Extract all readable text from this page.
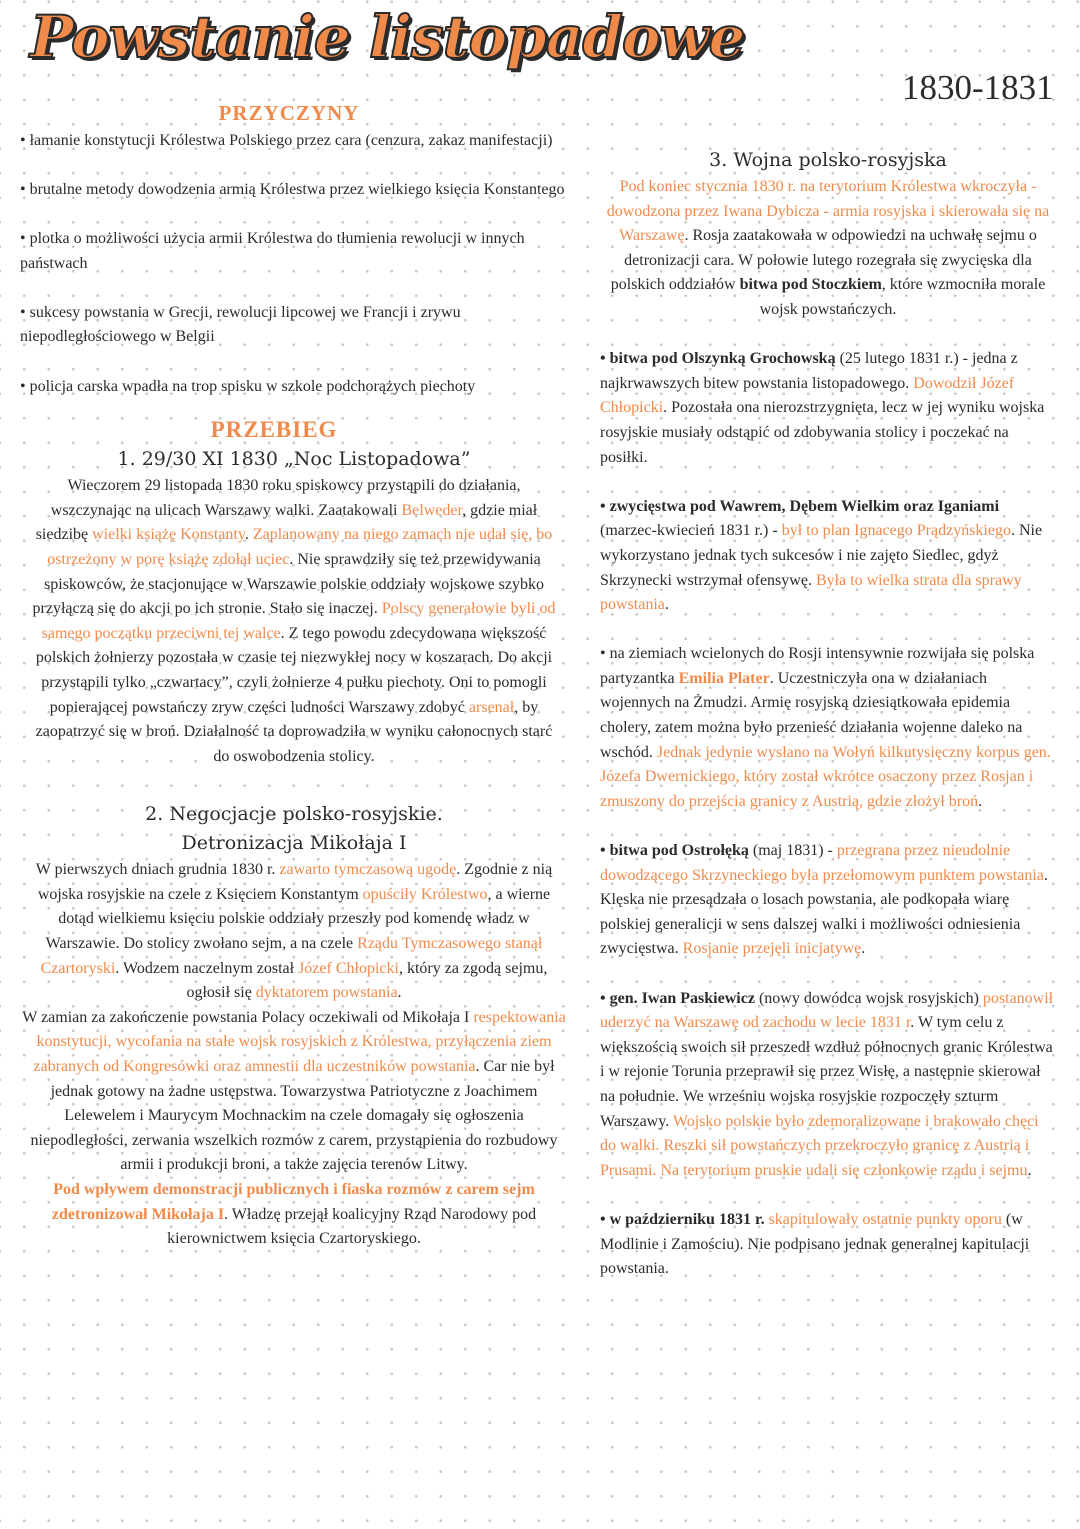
Powstanie listopadowe
1830-1831
PRZYCZYNY

• łamanie konstytucji Królestwa Polskiego przez cara (cenzura, zakaz manifestacji)

• brutalne metody dowodzenia armią Królestwa przez wielkiego księcia Konstantego

• plotka o możliwości użycia armii Królestwa do tłumienia rewolucji w innych państwach

• sukcesy powstania w Grecji, rewolucji lipcowej we Francji i zrywu niepodległościowego w Belgii

• policja carska wpadła na trop spisku w szkole podchorążych piechoty

PRZEBIEG

1. 29/30 XI 1830 „Noc Listopadowa”

Wieczorem 29 listopada 1830 roku spiskowcy przystąpili do działania, wszczynając na ulicach Warszawy walki. Zaatakowali Belweder, gdzie miał siedzibę wielki książę Konstanty. Zaplanowany na niego zamach nie udał się, bo ostrzeżony w porę książę zdołał uciec. Nie sprawdziły się też przewidywania spiskowców, że stacjonujące w Warszawie polskie oddziały wojskowe szybko przyłączą się do akcji po ich stronie. Stało się inaczej. Polscy generałowie byli od samego początku przeciwni tej walce. Z tego powodu zdecydowana większość polskich żołnierzy pozostała w czasie tej niezwykłej nocy w koszarach. Do akcji przystąpili tylko „czwartacy”, czyli żołnierze 4 pułku piechoty. Oni to pomogli popierającej powstańczy zryw części ludności Warszawy zdobyć arsenał, by zaopatrzyć się w broń. Działalność ta doprowadziła w wyniku całonocnych starć do oswobodzenia stolicy.

2. Negocjacje polsko-rosyjskie. Detronizacja Mikołaja I

W pierwszych dniach grudnia 1830 r. zawarto tymczasową ugodę. Zgodnie z nią wojska rosyjskie na czele z Księciem Konstantym opuściły Królestwo, a wierne dotąd wielkiemu księciu polskie oddziały przeszły pod komendę władz w Warszawie. Do stolicy zwołano sejm, a na czele Rządu Tymczasowego stanął Czartoryski. Wodzem naczelnym został Józef Chłopicki, który za zgodą sejmu, ogłosił się dyktatorem powstania.

W zamian za zakończenie powstania Polacy oczekiwali od Mikołaja I respektowania konstytucji, wycofania na stałe wojsk rosyjskich z Królestwa, przyłączenia ziem zabranych od Kongresówki oraz amnestii dla uczestników powstania. Car nie był jednak gotowy na żadne ustępstwa. Towarzystwa Patriotyczne z Joachimem Lelewelem i Maurycym Mochnackim na czele domagały się ogłoszenia niepodległości, zerwania wszelkich rozmów z carem, przystąpienia do rozbudowy armii i produkcji broni, a także zajęcia terenów Litwy.

Pod wpływem demonstracji publicznych i fiaska rozmów z carem sejm zdetronizował Mikołaja I. Władzę przejął koalicyjny Rząd Narodowy pod kierownictwem księcia Czartoryskiego.

3. Wojna polsko-rosyjska

Pod koniec stycznia 1830 r. na terytorium Królestwa wkroczyła - dowodzona przez Iwana Dybicza - armia rosyjska i skierowała się na Warszawę. Rosja zaatakowała w odpowiedzi na uchwałę sejmu o detronizacji cara. W połowie lutego rozegrała się zwycięska dla polskich oddziałów bitwa pod Stoczkiem, które wzmocniła morale wojsk powstańczych.

• bitwa pod Olszynką Grochowską (25 lutego 1831 r.) - jedna z najkrwawszych bitew powstania listopadowego. Dowodził Józef Chłopicki. Pozostała ona nierozstrzygnięta, lecz w jej wyniku wojska rosyjskie musiały odstąpić od zdobywania stolicy i poczekać na posiłki.

• zwycięstwa pod Wawrem, Dębem Wielkim oraz Iganiami (marzec-kwiecień 1831 r.) - był to plan Ignacego Prądzyńskiego. Nie wykorzystano jednak tych sukcesów i nie zajęto Siedlec, gdyż Skrzynecki wstrzymał ofensywę. Była to wielka strata dla sprawy powstania.

• na ziemiach wcielonych do Rosji intensywnie rozwijała się polska partyzantka Emilia Plater. Uczestniczyła ona w działaniach wojennych na Żmudzi. Armię rosyjską dziesiątkowała epidemia cholery, zatem można było przenieść działania wojenne daleko na wschód. Jednak jedynie wysłano na Wołyń kilkutysięczny korpus gen. Józefa Dwernickiego, który został wkrótce osaczony przez Rosjan i zmuszony do przejścia granicy z Austrią, gdzie złożył broń.

• bitwa pod Ostrołęką (maj 1831) - przegrana przez nieudolnie dowodzącego Skrzyneckiego była przełomowym punktem powstania. Klęska nie przesądzała o losach powstania, ale podkopała wiarę polskiej generalicji w sens dalszej walki i możliwości odniesienia zwycięstwa. Rosjanie przejęli inicjatywę.

• gen. Iwan Paskiewicz (nowy dowódca wojsk rosyjskich) postanowił uderzyć na Warszawę od zachodu w lecie 1831 r. W tym celu z większością swoich sił przeszedł wzdłuż północnych granic Królestwa i w rejonie Torunia przeprawił się przez Wisłę, a następnie skierował na południe. We wrześniu wojska rosyjskie rozpoczęły szturm Warszawy. Wojsko polskie było zdemoralizowane i brakowało chęci do walki. Reszki sił powstańczych przekroczyło granicę z Austrią i Prusami. Na terytorium pruskie udali się członkowie rządu i sejmu.

• w październiku 1831 r. skapitulowały ostatnie punkty oporu (w Modlinie i Zamościu). Nie podpisano jednak generalnej kapitulacji powstania.
